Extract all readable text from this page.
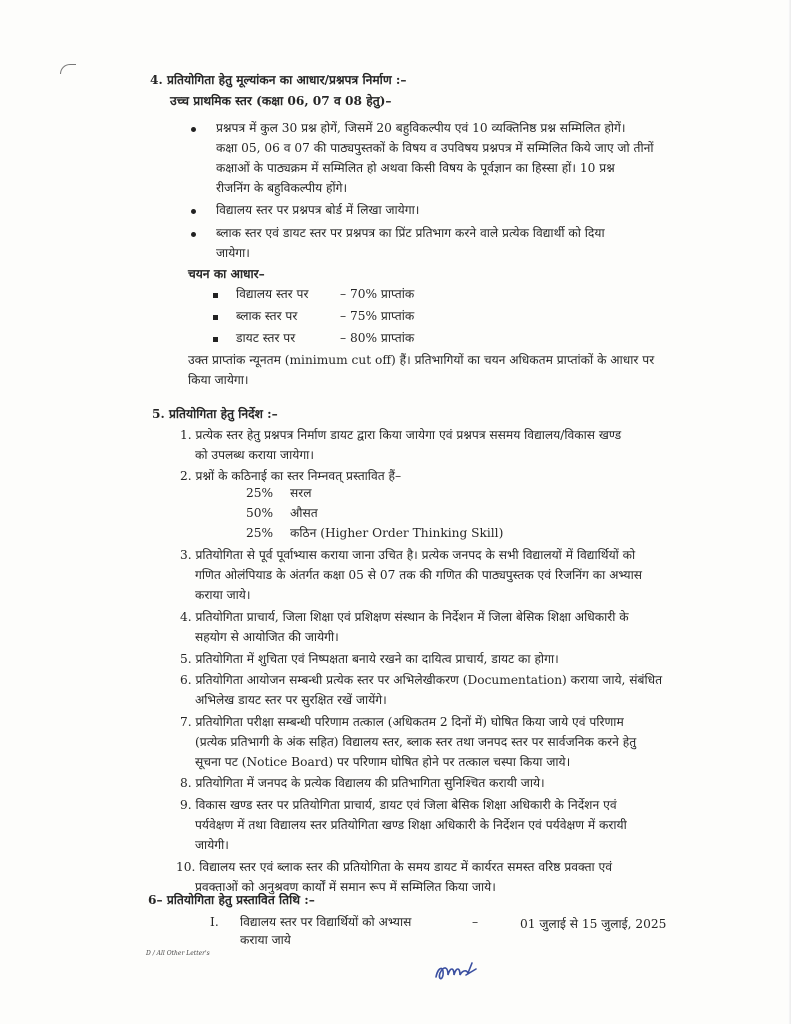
4. प्रतियोगिता हेतु मूल्यांकन का आधार/प्रश्नपत्र निर्माण :–
उच्च प्राथमिक स्तर (कक्षा 06, 07 व 08 हेतु)–
प्रश्नपत्र में कुल 30 प्रश्न होगें, जिसमें 20 बहुविकल्पीय एवं 10 व्यक्तिनिष्ठ प्रश्न सम्मिलित होगें।
कक्षा 05, 06 व 07 की पाठ्यपुस्तकों के विषय व उपविषय प्रश्नपत्र में सम्मिलित किये जाए जो तीनों
कक्षाओं के पाठ्यक्रम में सम्मिलित हो अथवा किसी विषय के पूर्वज्ञान का हिस्सा हों। 10 प्रश्न
रीजनिंग के बहुविकल्पीय होंगे।
विद्यालय स्तर पर प्रश्नपत्र बोर्ड में लिखा जायेगा।
ब्लाक स्तर एवं डायट स्तर पर प्रश्नपत्र का प्रिंट प्रतिभाग करने वाले प्रत्येक विद्यार्थी को दिया
जायेगा।
चयन का आधार–
विद्यालय स्तर पर	– 70% प्राप्तांक
ब्लाक स्तर पर	– 75% प्राप्तांक
डायट स्तर पर	– 80% प्राप्तांक
उक्त प्राप्तांक न्यूनतम (minimum cut off) हैं। प्रतिभागियों का चयन अधिकतम प्राप्तांकों के आधार पर
किया जायेगा।
5. प्रतियोगिता हेतु निर्देश :–
1. प्रत्येक स्तर हेतु प्रश्नपत्र निर्माण डायट द्वारा किया जायेगा एवं प्रश्नपत्र ससमय विद्यालय/विकास खण्ड
को उपलब्ध कराया जायेगा।
2. प्रश्नों के कठिनाई का स्तर निम्नवत् प्रस्तावित हैं–
25% सरल
50% औसत
25% कठिन (Higher Order Thinking Skill)
3. प्रतियोगिता से पूर्व पूर्वाभ्यास कराया जाना उचित है। प्रत्येक जनपद के सभी विद्यालयों में विद्यार्थियों को
गणित ओलंपियाड के अंतर्गत कक्षा 05 से 07 तक की गणित की पाठ्यपुस्तक एवं रिजनिंग का अभ्यास
कराया जाये।
4. प्रतियोगिता प्राचार्य, जिला शिक्षा एवं प्रशिक्षण संस्थान के निर्देशन में जिला बेसिक शिक्षा अधिकारी के
सहयोग से आयोजित की जायेगी।
5. प्रतियोगिता में शुचिता एवं निष्पक्षता बनाये रखने का दायित्व प्राचार्य, डायट का होगा।
6. प्रतियोगिता आयोजन सम्बन्धी प्रत्येक स्तर पर अभिलेखीकरण (Documentation) कराया जाये, संबंधित
अभिलेख डायट स्तर पर सुरक्षित रखें जायेंगे।
7. प्रतियोगिता परीक्षा सम्बन्धी परिणाम तत्काल (अधिकतम 2 दिनों में) घोषित किया जाये एवं परिणाम
(प्रत्येक प्रतिभागी के अंक सहित) विद्यालय स्तर, ब्लाक स्तर तथा जनपद स्तर पर सार्वजनिक करने हेतु
सूचना पट (Notice Board) पर परिणाम घोषित होने पर तत्काल चस्पा किया जाये।
8. प्रतियोगिता में जनपद के प्रत्येक विद्यालय की प्रतिभागिता सुनिश्चित करायी जाये।
9. विकास खण्ड स्तर पर प्रतियोगिता प्राचार्य, डायट एवं जिला बेसिक शिक्षा अधिकारी के निर्देशन एवं
पर्यवेक्षण में तथा विद्यालय स्तर प्रतियोगिता खण्ड शिक्षा अधिकारी के निर्देशन एवं पर्यवेक्षण में करायी
जायेगी।
10. विद्यालय स्तर एवं ब्लाक स्तर की प्रतियोगिता के समय डायट में कार्यरत समस्त वरिष्ठ प्रवक्ता एवं
प्रवक्ताओं को अनुश्रवण कार्यों में समान रूप में सम्मिलित किया जाये।
6– प्रतियोगिता हेतु प्रस्तावित तिथि :–
I. विद्यालय स्तर पर विद्यार्थियों को अभ्यास
कराया जाये
–	01 जुलाई से 15 जुलाई, 2025
D / All Other Letter's
